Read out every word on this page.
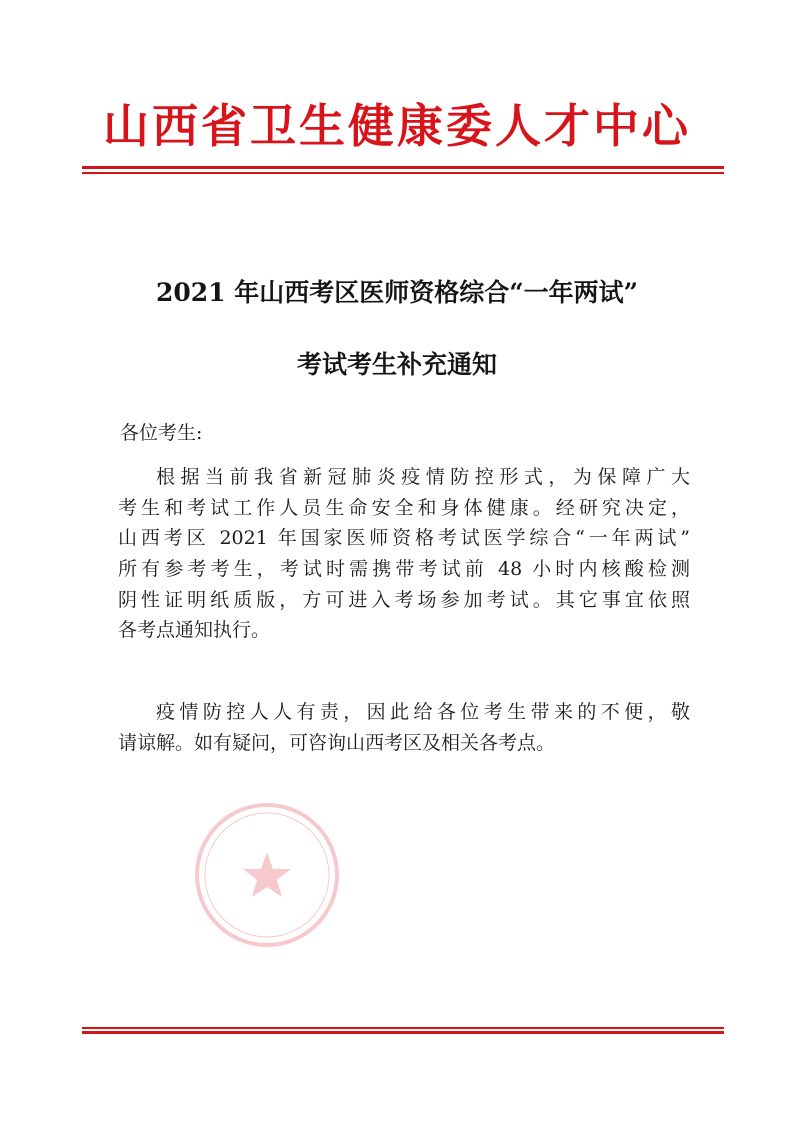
山西省卫生健康委人才中心
2021 年山西考区医师资格综合“一年两试”
考试考生补充通知
各位考生:
根据当前我省新冠肺炎疫情防控形式，为保障广大
考生和考试工作人员生命安全和身体健康。经研究决定，
山西考区 2021 年国家医师资格考试医学综合“一年两试”
所有参考考生，考试时需携带考试前 48 小时内核酸检测
阴性证明纸质版，方可进入考场参加考试。其它事宜依照
各考点通知执行。
疫情防控人人有责，因此给各位考生带来的不便，敬
请谅解。如有疑问，可咨询山西考区及相关各考点。
